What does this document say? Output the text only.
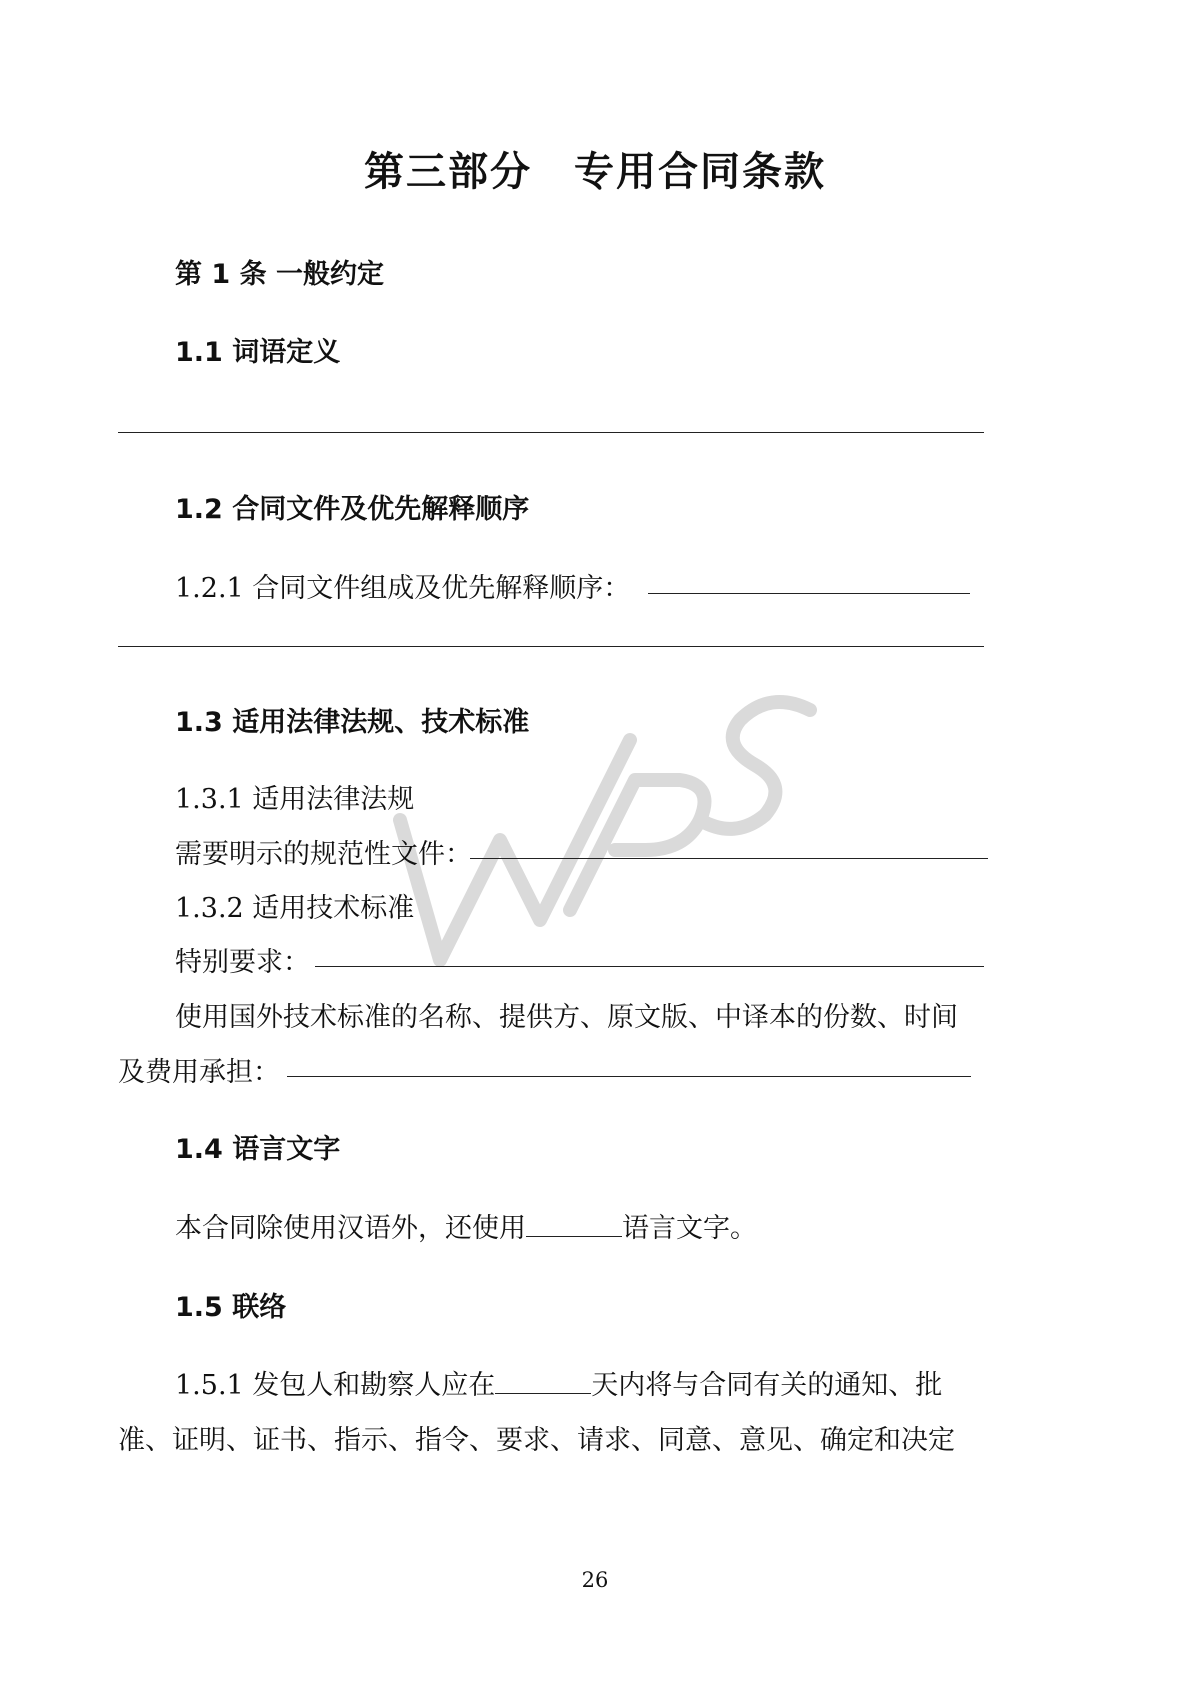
第三部分　专用合同条款
第 1 条 一般约定
1.1 词语定义
1.2 合同文件及优先解释顺序
1.2.1 合同文件组成及优先解释顺序：
1.3 适用法律法规、技术标准
1.3.1 适用法律法规
需要明示的规范性文件：
1.3.2 适用技术标准
特别要求：
使用国外技术标准的名称、提供方、原文版、中译本的份数、时间
及费用承担：
1.4 语言文字
本合同除使用汉语外，还使用	语言文字。
1.5 联络
1.5.1 发包人和勘察人应在	天内将与合同有关的通知、批
准、证明、证书、指示、指令、要求、请求、同意、意见、确定和决定
26
